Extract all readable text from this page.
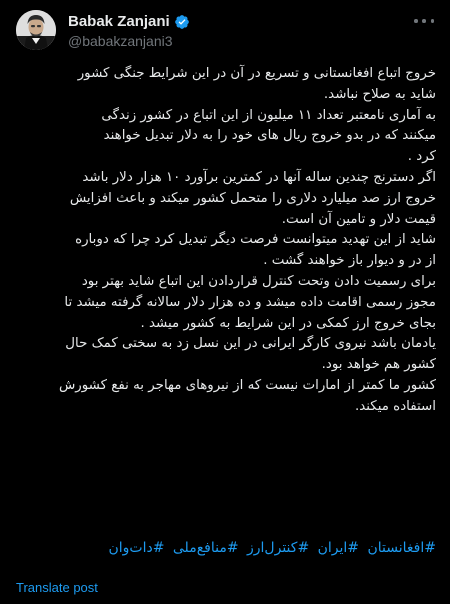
Babak Zanjani
@babakzanjani3
خروج اتباع افغانستانی و تسریع در آن در این شرایط جنگی کشور
شاید به صلاح نباشد.
به آماری نامعتبر تعداد ۱۱ میلیون از این اتباع در کشور زندگی
میکنند که در بدو خروج ریال های خود را به دلار تبدیل خواهند
کرد .
اگر دسترنج چندین ساله آنها در کمترین برآورد ۱۰ هزار دلار باشد
خروج ارز صد میلیارد دلاری را متحمل کشور میکند و باعث افزایش
قیمت دلار و تامین آن است.
شاید از این تهدید میتوانست فرصت دیگر تبدیل کرد چرا که دوباره
از در و دیوار باز خواهند گشت .
برای رسمیت دادن وتحت کنترل قراردادن این اتباع شاید بهتر بود
مجوز رسمی اقامت داده میشد و ده هزار دلار سالانه گرفته میشد تا
بجای خروج ارز کمکی در این شرایط به کشور میشد .
یادمان باشد نیروی کارگر ایرانی در این نسل زد به سختی کمک حال
کشور هم خواهد بود.
کشور ما کمتر از امارات نیست که از نیروهای مهاجر به نفع کشورش
استفاده میکند.
#افغانستان #ایران #کنترل‌ارز #منافع‌ملی #دات‌وان
Translate post
